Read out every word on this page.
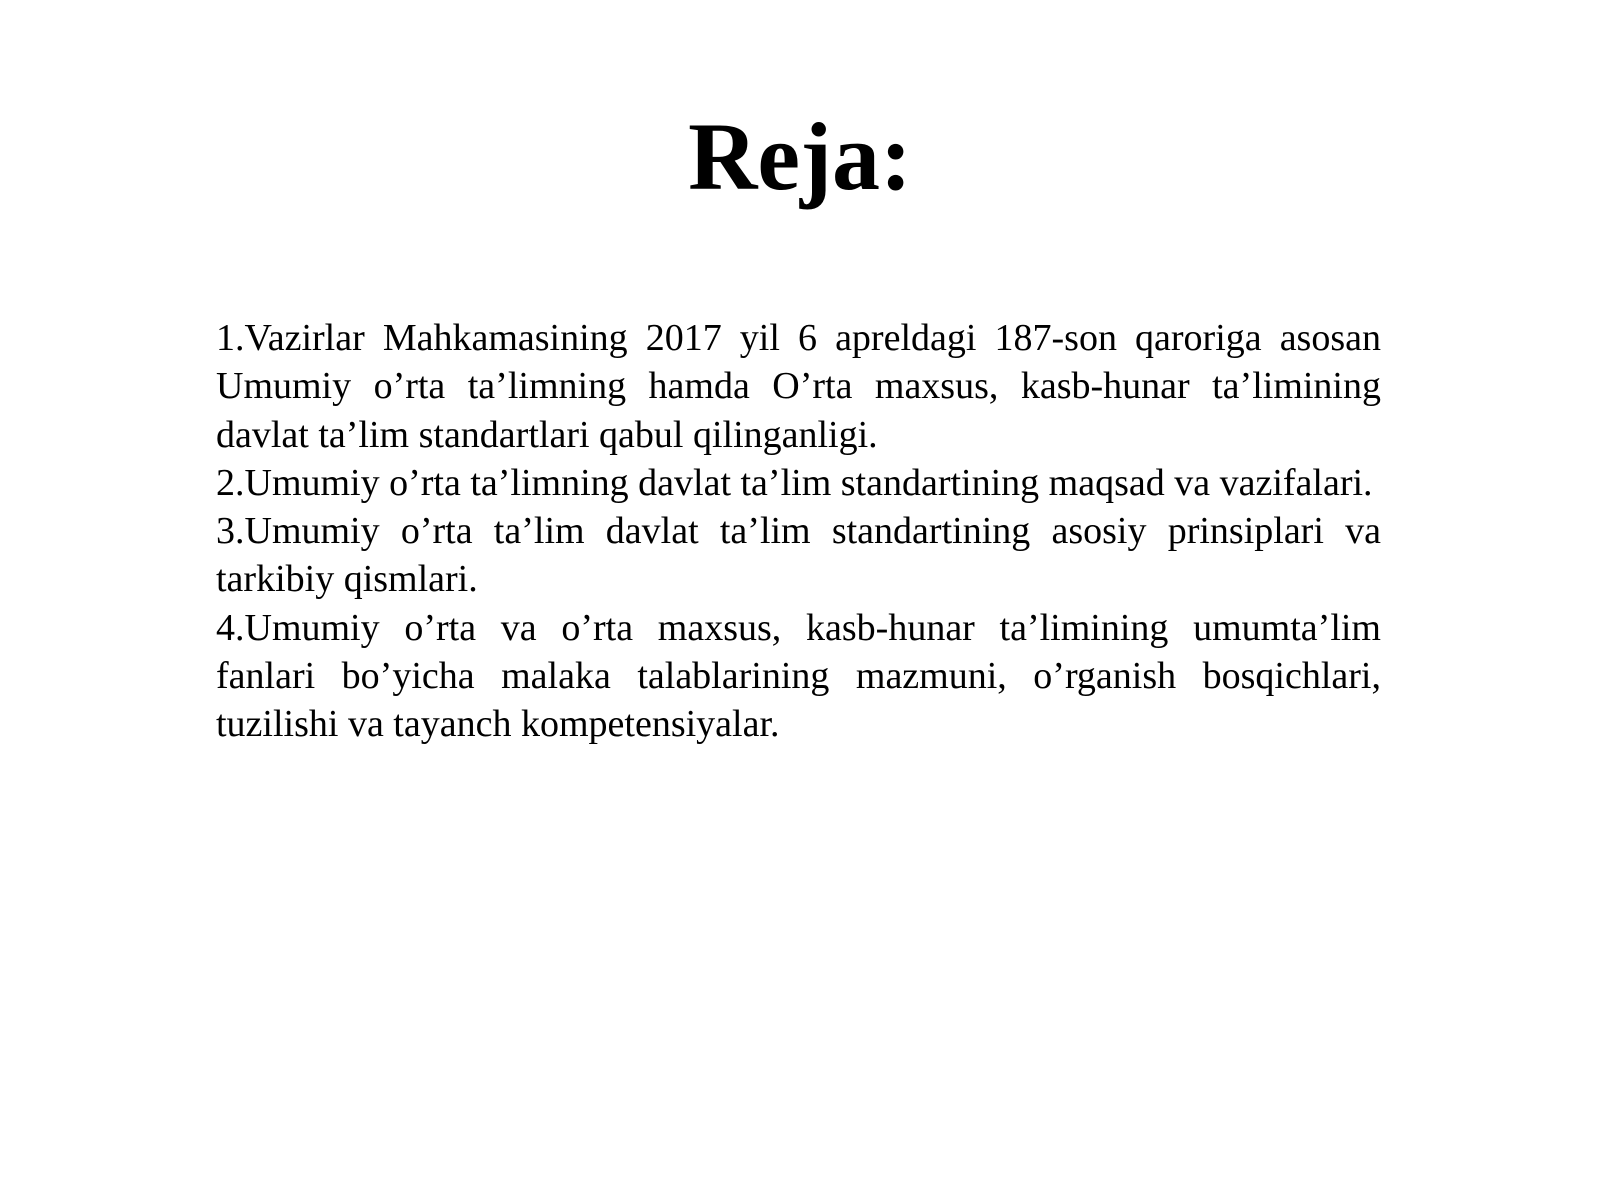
Reja:
1.Vazirlar Mahkamasining 2017 yil 6 apreldagi 187-son qaroriga asosan Umumiy o’rta ta’limning hamda O’rta maxsus, kasb-hunar ta’limining davlat ta’lim standartlari qabul qilinganligi.
2.Umumiy o’rta ta’limning davlat ta’lim standartining maqsad va vazifalari.
3.Umumiy o’rta ta’lim davlat ta’lim standartining asosiy prinsiplari va tarkibiy qismlari.
4.Umumiy o’rta va o’rta maxsus, kasb-hunar ta’limining umumta’lim fanlari bo’yicha malaka talablarining mazmuni, o’rganish bosqichlari, tuzilishi va tayanch kompetensiyalar.
